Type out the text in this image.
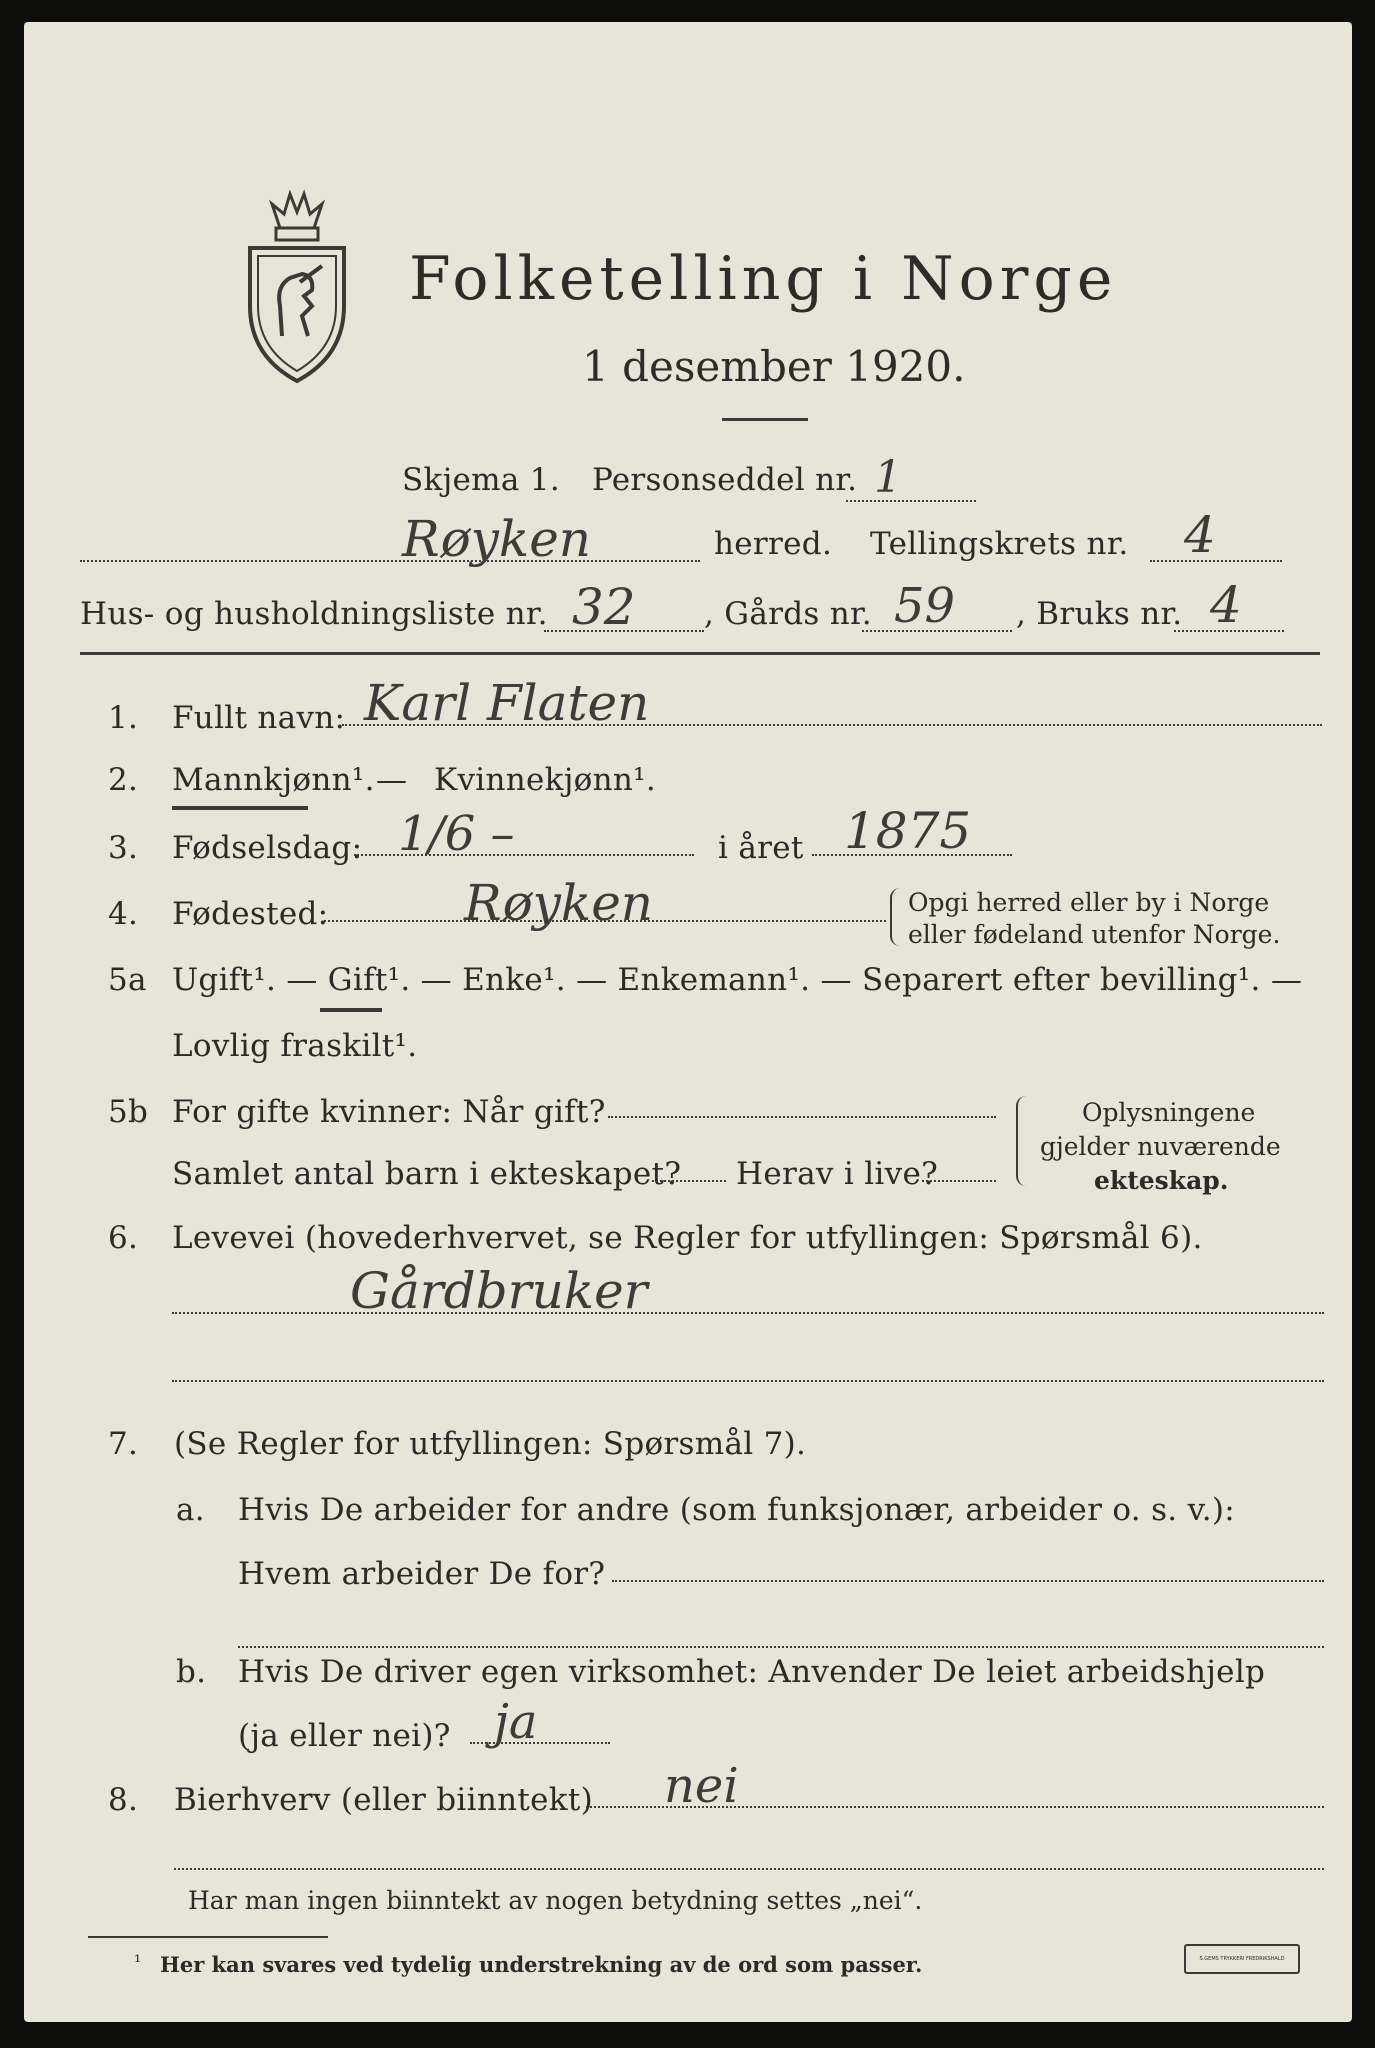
Folketelling i Norge
1 desember 1920.
Skjema 1. Personseddel nr. 1
Røyken	herred. Tellingskrets nr. 4
Hus- og husholdningsliste nr. 32 , Gårds nr. 59 , Bruks nr. 4
1. Fullt navn: Karl Flaten
2. Mannkjønn¹. — Kvinnekjønn¹.
3. Fødselsdag: 1/6 –	i året 1875
4. Fødested:	Røyken	Opgi herred eller by i Norge
eller fødeland utenfor Norge.
5a Ugift¹. — Gift¹. — Enke¹. — Enkemann¹. — Separert efter bevilling¹. —
Lovlig fraskilt¹.
5b For gifte kvinner: Når gift?
Samlet antal barn i ekteskapet? Herav i live?
Oplysningene
gjelder nuværende
ekteskap.
6. Levevei (hovederhvervet, se Regler for utfyllingen: Spørsmål 6).
Gårdbruker
7. (Se Regler for utfyllingen: Spørsmål 7).
a. Hvis De arbeider for andre (som funksjonær, arbeider o. s. v.):
Hvem arbeider De for?
b. Hvis De driver egen virksomhet: Anvender De leiet arbeidshjelp
(ja eller nei)? ja
8. Bierhverv (eller biinntekt) nei
Har man ingen biinntekt av nogen betydning settes „nei“.
¹ Her kan svares ved tydelig understrekning av de ord som passer.	S.GEMS TRYKKERI FREDRIKSHALD
